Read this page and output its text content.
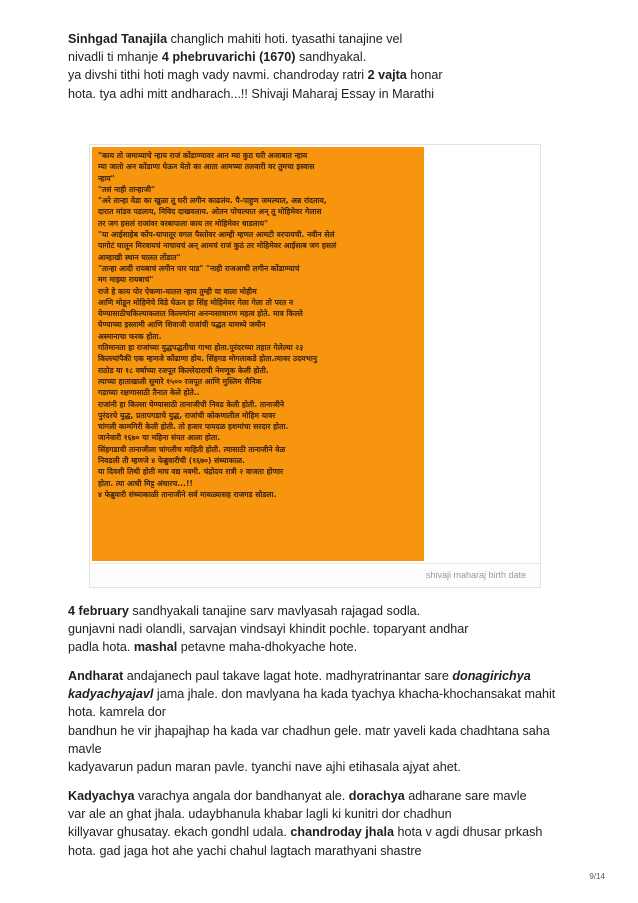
Sinhgad Tanajila changlich mahiti hoti. tyasathi tanajine vel
nivadli ti mhanje 4 phebruvarichi (1670) sandhyakal.
ya divshi tithi hoti magh vady navmi. chandroday ratri 2 vajta honar
hota. tya adhi mitt andharach...!! Shivaji Maharaj Essay in Marathi
"काय तो जमाय्याचे न्हाय राजं कोंडाण्यावर आन म्या कुठ घरी अजाबात न्हाय
म्या जातो अन कोंडाणा घेऊन येतो का आता आमच्या तलवारी वर तुमचा इस्वास
न्हाय"
"तसं नाही तान्हाजी"
"अरे तान्हा येडा का खुळा तू घरी लगीन काढलंय. पै-पाहुण जमल्यात, अन्न रांदताय,
दारात मांडव पडलाय, निविद दाखवलाय. ओतन पोचल्यात अन् तू मोहिमेवर गेलास
तर जग हसलं राजांवर वरबापाला काय तर मोहिमेवर धाडलाय"
"या आईसाहेब कोंप-यापातूर वगल पैस्तोवर आम्ही म्हणत आमटी वरपायची. नवीन सेलं
पागोटं घालून मिरवायचं नाचायचं अन् आमचं राजं कुठं तर मोहिमेवर आईसाब जग हसलं
आम्हाखी स्थान घालत तोंडात"
"तान्हा आदी रायबाचं लगीन पार पाड" "नाही राजआधी लगीन कोंडाण्याचं
मग माझ्या रायबाचं"
राजे हे काय पोर ऐकणा-यातल न्हाय तुम्ही या वाला मोहीम
आणि मोडून मोहिमेचे विडे घेऊन हा सिंह मोहिमेवर गेला गेला तो परत न
येण्यासाठीचकिल्याकलात किल्ल्यांना अनन्यसाधारण महत्व होते. मात्र किल्ले
घेण्याच्या इस्लामी आणि शिवाजी राजांची पद्धत यामध्ये जमीन
अस्मानाचा फरक होता.
गतिमानता हा राजांच्या युद्धपद्धतीचा गाभा होता.पुरंदरच्या तहात गेलेल्या २३
किल्ल्यांपैकी एक म्हणजे कोंढाणा होय. सिंहगड मोगलाकडे होता.त्यावर उदयभानु
राठोड या १८ वर्षाच्या रजपूत किल्लेदाराची नेमणूक केली होती.
त्याच्या हाताखाली सुमारे १५०० रजपूत आणि मुस्लिम सैनिक
गडाच्या रक्षणासाठी तैनात केले होते..
राजांनी हा किल्ला घेण्यासाठी तानाजीची निवड केली होती. तानाजीने
पुरंदरचे युद्ध, प्रतापगडाचे युद्ध, राजांची कोकणातील मोहिम यावर
चांगली कामगिरी केली होती. तो हजार पायदळ हशमांचा सरदार होता.
जानेवारी १६७० चा महिना संपत आला होता.
सिंहगडाची तानाजीला चांगलीच माहिती होती. त्यासाठी तानाजीने वेळ
निवडली ती म्हणजे ४ फेब्रुवारीची (१६७०) संध्याकाळ.
या दिवशी तिथी होती माघ वद्य नवमी. चंद्रोदय रात्री २ वाजता होणार
होता. त्या आधी मिट्ट अंधारच...!!
४ फेब्रुवारी संध्याकाळी तानाजीने सर्व मावळ्यासह राजगड सोडला.
shivaji maharaj birth date
4 february sandhyakali tanajine sarv mavlyasah rajagad sodla.
gunjavni nadi olandli, sarvajan vindsayi khindit pochle. toparyant andhar
padla hota. mashal petavne maha-dhokyache hote.
Andharat andajanech paul takave lagat hote. madhyratrinantar sare donagirichya
kadyachyajavl jama jhale. don mavlyana ha kada tyachya khacha-khochansakat mahit
hota. kamrela dor
bandhun he vir jhapajhap ha kada var chadhun gele. matr yaveli kada chadhtana saha
mavle
kadyavarun padun maran pavle. tyanchi nave ajhi etihasala ajyat ahet.
Kadyachya varachya angala dor bandhanyat ale. dorachya adharane sare mavle
var ale an ghat jhala. udaybhanula khabar lagli ki kunitri dor chadhun
killyavar ghusatay. ekach gondhl udala. chandroday jhala hota v agdi dhusar prkash
hota. gad jaga hot ahe yachi chahul lagtach marathyani shastre
9/14
